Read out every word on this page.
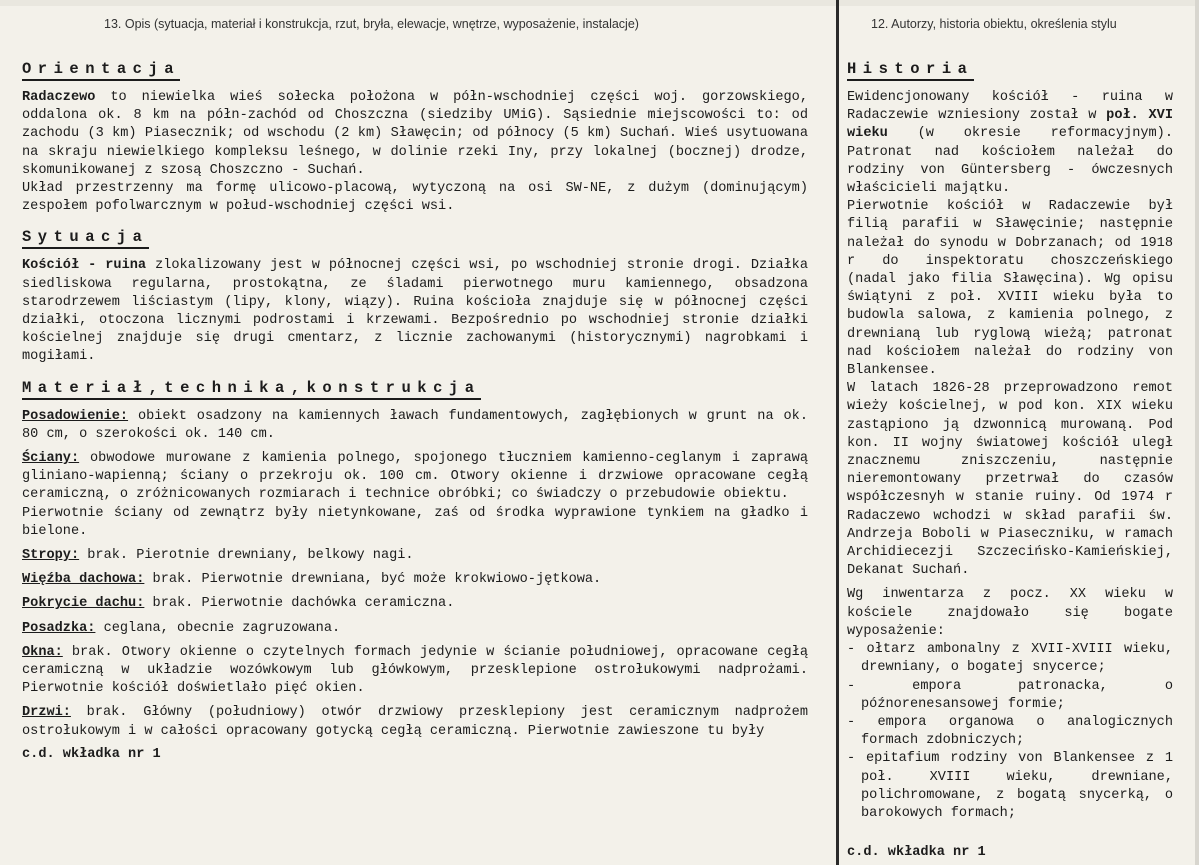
13. Opis (sytuacja, materiał i konstrukcja, rzut, bryła, elewacje, wnętrze, wyposażenie, instalacje)	12. Autorzy, historia obiektu, określenia stylu
Orientacja

Radaczewo to niewielka wieś sołecka położona w półn-wschodniej części woj. gorzowskiego, oddalona ok. 8 km na półn-zachód od Choszczna (siedziby UMiG). Sąsiednie miejscowości to: od zachodu (3 km) Piasecznik; od wschodu (2 km) Sławęcin; od północy (5 km) Suchań. Wieś usytuowana na skraju niewielkiego kompleksu leśnego, w dolinie rzeki Iny, przy lokalnej (bocznej) drodze, skomunikowanej z szosą Choszczno - Suchań.

Układ przestrzenny ma formę ulicowo-placową, wytyczoną na osi SW-NE, z dużym (dominującym) zespołem pofolwarcznym w połud-wschodniej części wsi.

Sytuacja

Kościół - ruina zlokalizowany jest w północnej części wsi, po wschodniej stronie drogi. Działka siedliskowa regularna, prostokątna, ze śladami pierwotnego muru kamiennego, obsadzona starodrzewem liściastym (lipy, klony, wiązy). Ruina kościoła znajduje się w północnej części działki, otoczona licznymi podrostami i krzewami. Bezpośrednio po wschodniej stronie działki kościelnej znajduje się drugi cmentarz, z licznie zachowanymi (historycznymi) nagrobkami i mogiłami.

Materiał,technika,konstrukcja

Posadowienie: obiekt osadzony na kamiennych ławach fundamentowych, zagłębionych w grunt na ok. 80 cm, o szerokości ok. 140 cm.

Ściany: obwodowe murowane z kamienia polnego, spojonego tłuczniem kamienno-ceglanym i zaprawą gliniano-wapienną; ściany o przekroju ok. 100 cm. Otwory okienne i drzwiowe opracowane cegłą ceramiczną, o zróżnicowanych rozmiarach i technice obróbki; co świadczy o przebudowie obiektu.

Pierwotnie ściany od zewnątrz były nietynkowane, zaś od środka wyprawione tynkiem na gładko i bielone.

Stropy: brak. Pierotnie drewniany, belkowy nagi.

Więźba dachowa: brak. Pierwotnie drewniana, być może krokwiowo-jętkowa.

Pokrycie dachu: brak. Pierwotnie dachówka ceramiczna.

Posadzka: ceglana, obecnie zagruzowana.

Okna: brak. Otwory okienne o czytelnych formach jedynie w ścianie południowej, opracowane cegłą ceramiczną w układzie wozówkowym lub główkowym, przesklepione ostrołukowymi nadprożami. Pierwotnie kościół doświetlało pięć okien.

Drzwi: brak. Główny (południowy) otwór drzwiowy przesklepiony jest ceramicznym nadprożem ostrołukowym i w całości opracowany gotycką cegłą ceramiczną. Pierwotnie zawieszone tu były

c.d. wkładka nr 1
Historia

Ewidencjonowany kościół - ruina w Radaczewie wzniesiony został w poł. XVI wieku (w okresie reformacyjnym). Patronat nad kościołem należał do rodziny von Güntersberg - ówczesnych właścicieli majątku.

Pierwotnie kościół w Radaczewie był filią parafii w Sławęcinie; następnie należał do synodu w Dobrzanach; od 1918 r do inspektoratu choszczeńskiego (nadal jako filia Sławęcina). Wg opisu świątyni z poł. XVIII wieku była to budowla salowa, z kamienia polnego, z drewnianą lub ryglową wieżą; patronat nad kościołem należał do rodziny von Blankensee.

W latach 1826-28 przeprowadzono remot wieży kościelnej, w pod kon. XIX wieku zastąpiono ją dzwonnicą murowaną. Pod kon. II wojny światowej kościół uległ znacznemu zniszczeniu, następnie nieremontowany przetrwał do czasów współczesnyh w stanie ruiny. Od 1974 r Radaczewo wchodzi w skład parafii św. Andrzeja Boboli w Piaseczniku, w ramach Archidiecezji Szczecińsko-Kamieńskiej, Dekanat Suchań.

Wg inwentarza z pocz. XX wieku w kościele znajdowało się bogate wyposażenie:

- ołtarz ambonalny z XVII-XVIII wieku, drewniany, o bogatej snycerce;
- empora patronacka, o późnorenesansowej formie;
- empora organowa o analogicznych formach zdobniczych;
- epitafium rodziny von Blankensee z 1 poł. XVIII wieku, drewniane, polichromowane, z bogatą snycerką, o barokowych formach;
c.d. wkładka nr 1
